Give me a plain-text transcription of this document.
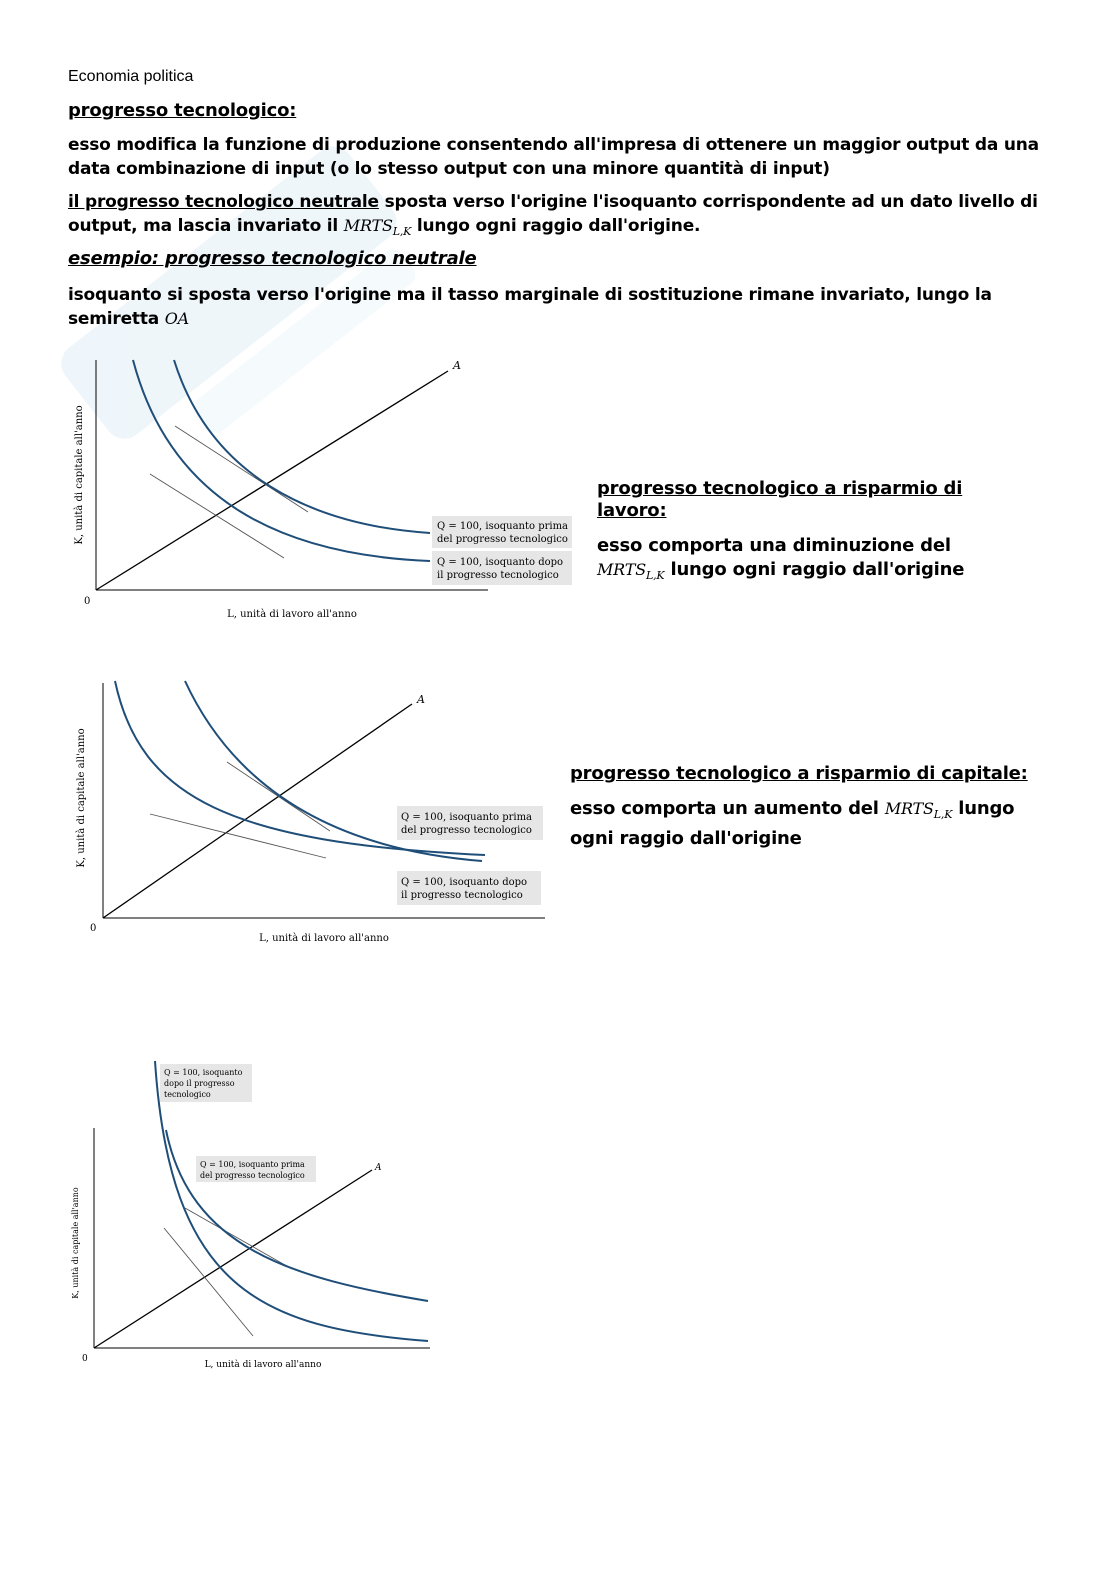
Economia politica
progresso tecnologico:
esso modifica la funzione di produzione consentendo all'impresa di ottenere un maggior output da una data combinazione di input (o lo stesso output con una minore quantità di input)
il progresso tecnologico neutrale sposta verso l'origine l'isoquanto corrispondente ad un dato livello di output, ma lascia invariato il $MRTS_{L,K}$ lungo ogni raggio dall'origine.
esempio: progresso tecnologico neutrale
isoquanto si sposta verso l'origine ma il tasso marginale di sostituzione rimane invariato, lungo la semiretta OA
A
0
L, unità di lavoro all'anno
K, unità di capitale all'anno	Q = 100, isoquanto prima
del progresso tecnologico
Q = 100, isoquanto dopo
il progresso tecnologico
progresso tecnologico a risparmio di lavoro:
esso comporta una diminuzione del $MRTS_{L,K}$ lungo ogni raggio dall'origine
A
0
L, unità di lavoro all'anno
K, unità di capitale all'anno	Q = 100, isoquanto prima
del progresso tecnologico
Q = 100, isoquanto dopo
il progresso tecnologico
progresso tecnologico a risparmio di capitale:
esso comporta un aumento del $MRTS_{L,K}$ lungo ogni raggio dall'origine
A
0
L, unità di lavoro all'anno
K, unità di capitale all'anno
Q = 100, isoquanto
dopo il progresso
tecnologico
Q = 100, isoquanto prima
del progresso tecnologico
